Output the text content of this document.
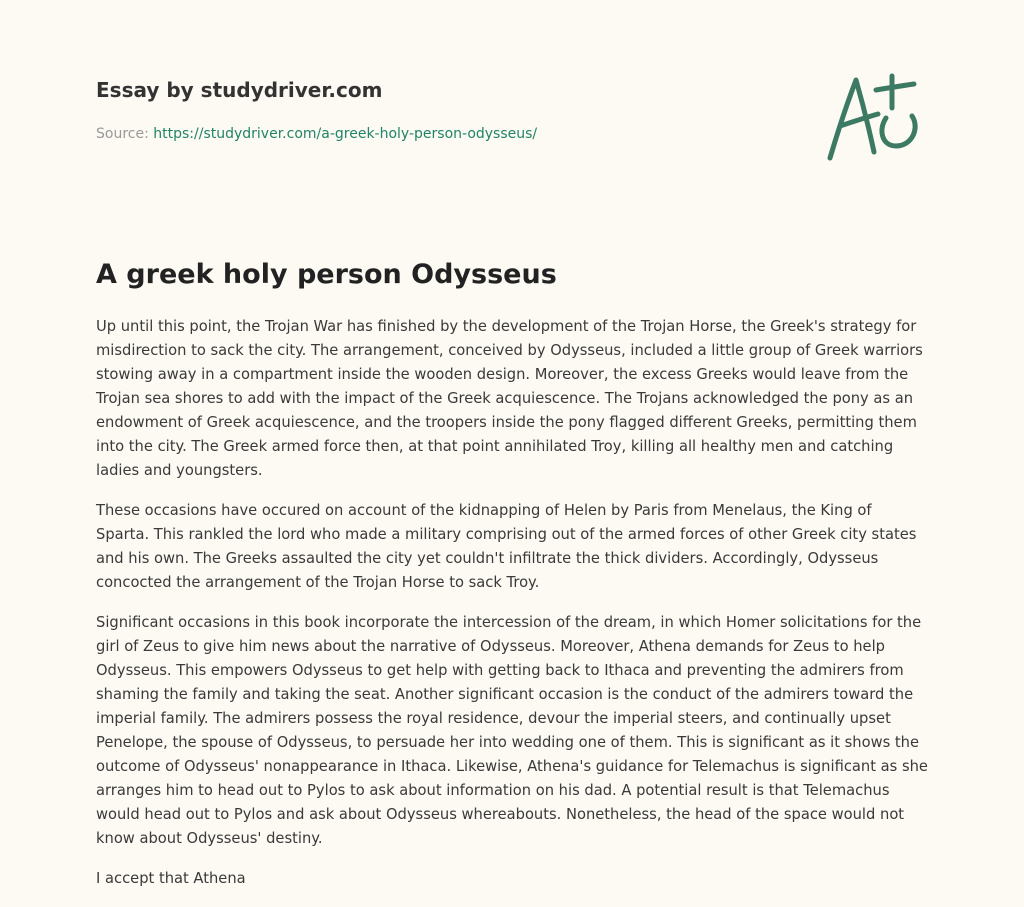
Essay by studydriver.com
Source: https://studydriver.com/a-greek-holy-person-odysseus/
A greek holy person Odysseus

Up until this point, the Trojan War has finished by the development of the Trojan Horse, the Greek's strategy for misdirection to sack the city. The arrangement, conceived by Odysseus, included a little group of Greek warriors stowing away in a compartment inside the wooden design. Moreover, the excess Greeks would leave from the Trojan sea shores to add with the impact of the Greek acquiescence. The Trojans acknowledged the pony as an endowment of Greek acquiescence, and the troopers inside the pony flagged different Greeks, permitting them into the city. The Greek armed force then, at that point annihilated Troy, killing all healthy men and catching ladies and youngsters.

These occasions have occured on account of the kidnapping of Helen by Paris from Menelaus, the King of Sparta. This rankled the lord who made a military comprising out of the armed forces of other Greek city states and his own. The Greeks assaulted the city yet couldn't infiltrate the thick dividers. Accordingly, Odysseus concocted the arrangement of the Trojan Horse to sack Troy.

Significant occasions in this book incorporate the intercession of the dream, in which Homer solicitations for the girl of Zeus to give him news about the narrative of Odysseus. Moreover, Athena demands for Zeus to help Odysseus. This empowers Odysseus to get help with getting back to Ithaca and preventing the admirers from shaming the family and taking the seat. Another significant occasion is the conduct of the admirers toward the imperial family. The admirers possess the royal residence, devour the imperial steers, and continually upset Penelope, the spouse of Odysseus, to persuade her into wedding one of them. This is significant as it shows the outcome of Odysseus' nonappearance in Ithaca. Likewise, Athena's guidance for Telemachus is significant as she arranges him to head out to Pylos to ask about information on his dad. A potential result is that Telemachus would head out to Pylos and ask about Odysseus whereabouts. Nonetheless, the head of the space would not know about Odysseus' destiny.

I accept that Athena
